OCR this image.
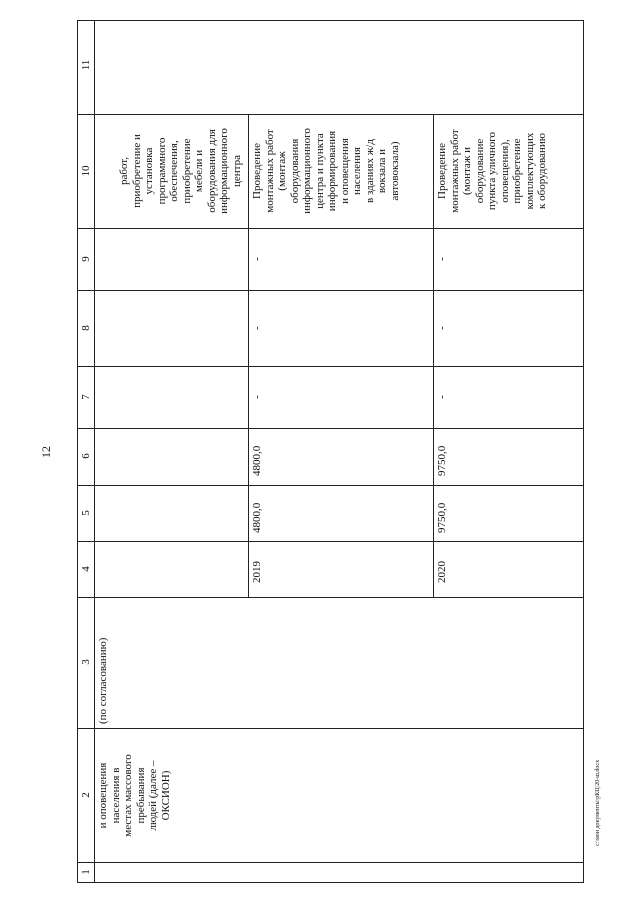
11
10
9
8
7
6
5
4
3
2
1
и оповещения населения в местах массового пребывания людей (далее – ОКСИОН)
(по согласованию)
работ, приобретение и установка программного обеспечения, приобретение мебели и оборудования для информационного центра
2019
4800,0
4800,0
-
-
-
Проведение монтажных работ (монтаж оборудования информационного центра и пункта информирования и оповещения населения в зданиях ж/д вокзала и автовокзала)
2020
9750,0
9750,0
-
-
-
Проведение монтажных работ (монтаж и оборудование пункта уличного оповещения), приобретение комплектующих к оборудованию
12
c:\мои документы\рКЦ\20-ш.docx
